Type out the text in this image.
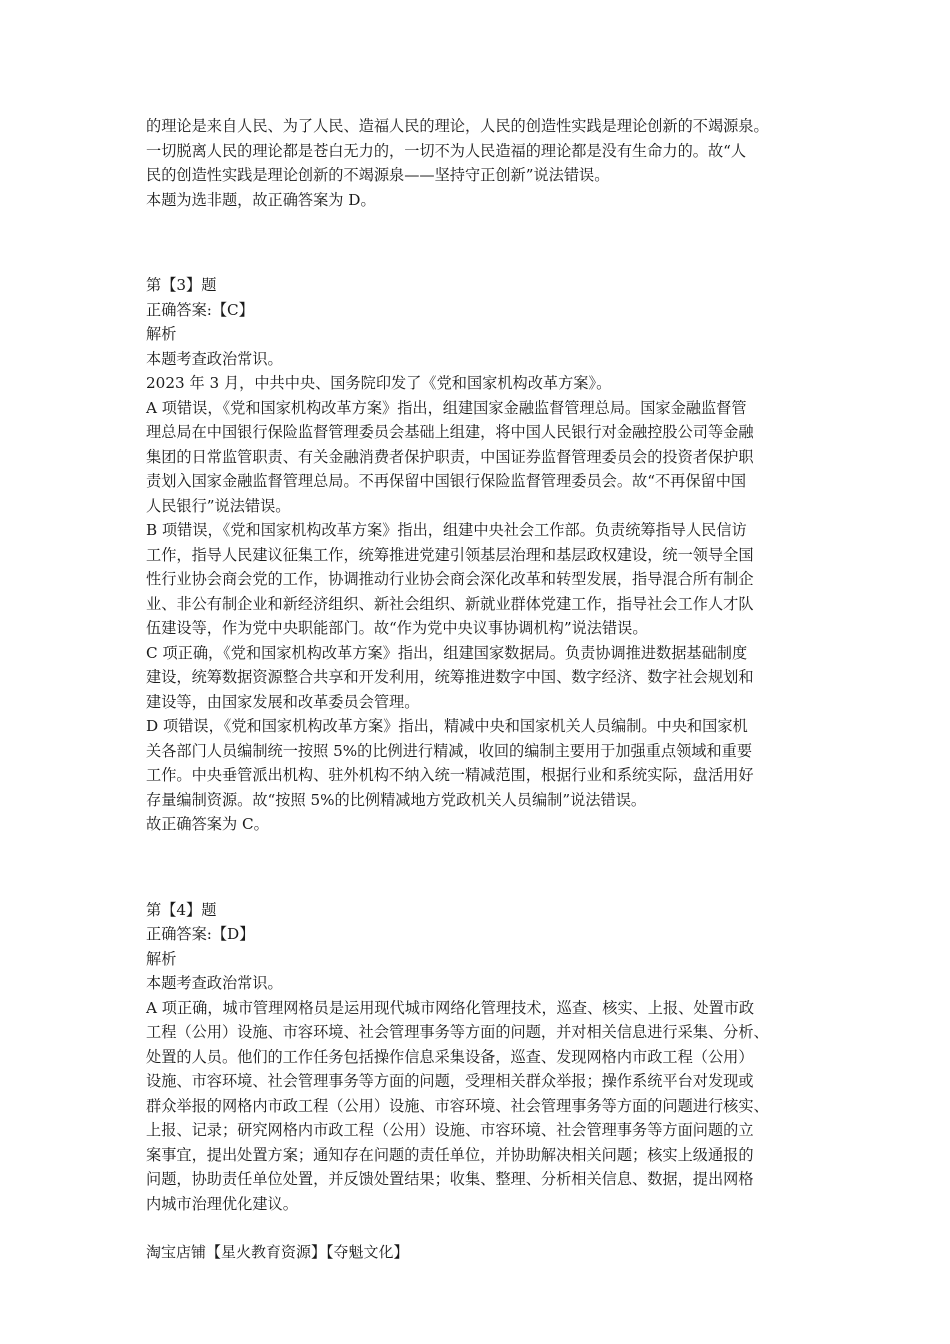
的理论是来自人民、为了人民、造福人民的理论，人民的创造性实践是理论创新的不竭源泉。
一切脱离人民的理论都是苍白无力的，一切不为人民造福的理论都是没有生命力的。故“人
民的创造性实践是理论创新的不竭源泉——坚持守正创新”说法错误。
本题为选非题，故正确答案为 D。
第【3】题
正确答案:【C】
解析
本题考查政治常识。
2023 年 3 月，中共中央、国务院印发了《党和国家机构改革方案》。
A 项错误，《党和国家机构改革方案》指出，组建国家金融监督管理总局。国家金融监督管
理总局在中国银行保险监督管理委员会基础上组建，将中国人民银行对金融控股公司等金融
集团的日常监管职责、有关金融消费者保护职责，中国证券监督管理委员会的投资者保护职
责划入国家金融监督管理总局。不再保留中国银行保险监督管理委员会。故“不再保留中国
人民银行”说法错误。
B 项错误，《党和国家机构改革方案》指出，组建中央社会工作部。负责统筹指导人民信访
工作，指导人民建议征集工作，统筹推进党建引领基层治理和基层政权建设，统一领导全国
性行业协会商会党的工作，协调推动行业协会商会深化改革和转型发展，指导混合所有制企
业、非公有制企业和新经济组织、新社会组织、新就业群体党建工作，指导社会工作人才队
伍建设等，作为党中央职能部门。故“作为党中央议事协调机构”说法错误。
C 项正确，《党和国家机构改革方案》指出，组建国家数据局。负责协调推进数据基础制度
建设，统筹数据资源整合共享和开发利用，统筹推进数字中国、数字经济、数字社会规划和
建设等，由国家发展和改革委员会管理。
D 项错误，《党和国家机构改革方案》指出，精减中央和国家机关人员编制。中央和国家机
关各部门人员编制统一按照 5%的比例进行精减，收回的编制主要用于加强重点领域和重要
工作。中央垂管派出机构、驻外机构不纳入统一精减范围，根据行业和系统实际，盘活用好
存量编制资源。故“按照 5%的比例精减地方党政机关人员编制”说法错误。
故正确答案为 C。
第【4】题
正确答案:【D】
解析
本题考查政治常识。
A 项正确，城市管理网格员是运用现代城市网络化管理技术，巡查、核实、上报、处置市政
工程（公用）设施、市容环境、社会管理事务等方面的问题，并对相关信息进行采集、分析、
处置的人员。他们的工作任务包括操作信息采集设备，巡查、发现网格内市政工程（公用）
设施、市容环境、社会管理事务等方面的问题，受理相关群众举报；操作系统平台对发现或
群众举报的网格内市政工程（公用）设施、市容环境、社会管理事务等方面的问题进行核实、
上报、记录；研究网格内市政工程（公用）设施、市容环境、社会管理事务等方面问题的立
案事宜，提出处置方案；通知存在问题的责任单位，并协助解决相关问题；核实上级通报的
问题，协助责任单位处置，并反馈处置结果；收集、整理、分析相关信息、数据，提出网格
内城市治理优化建议。
淘宝店铺【星火教育资源】【夺魁文化】
